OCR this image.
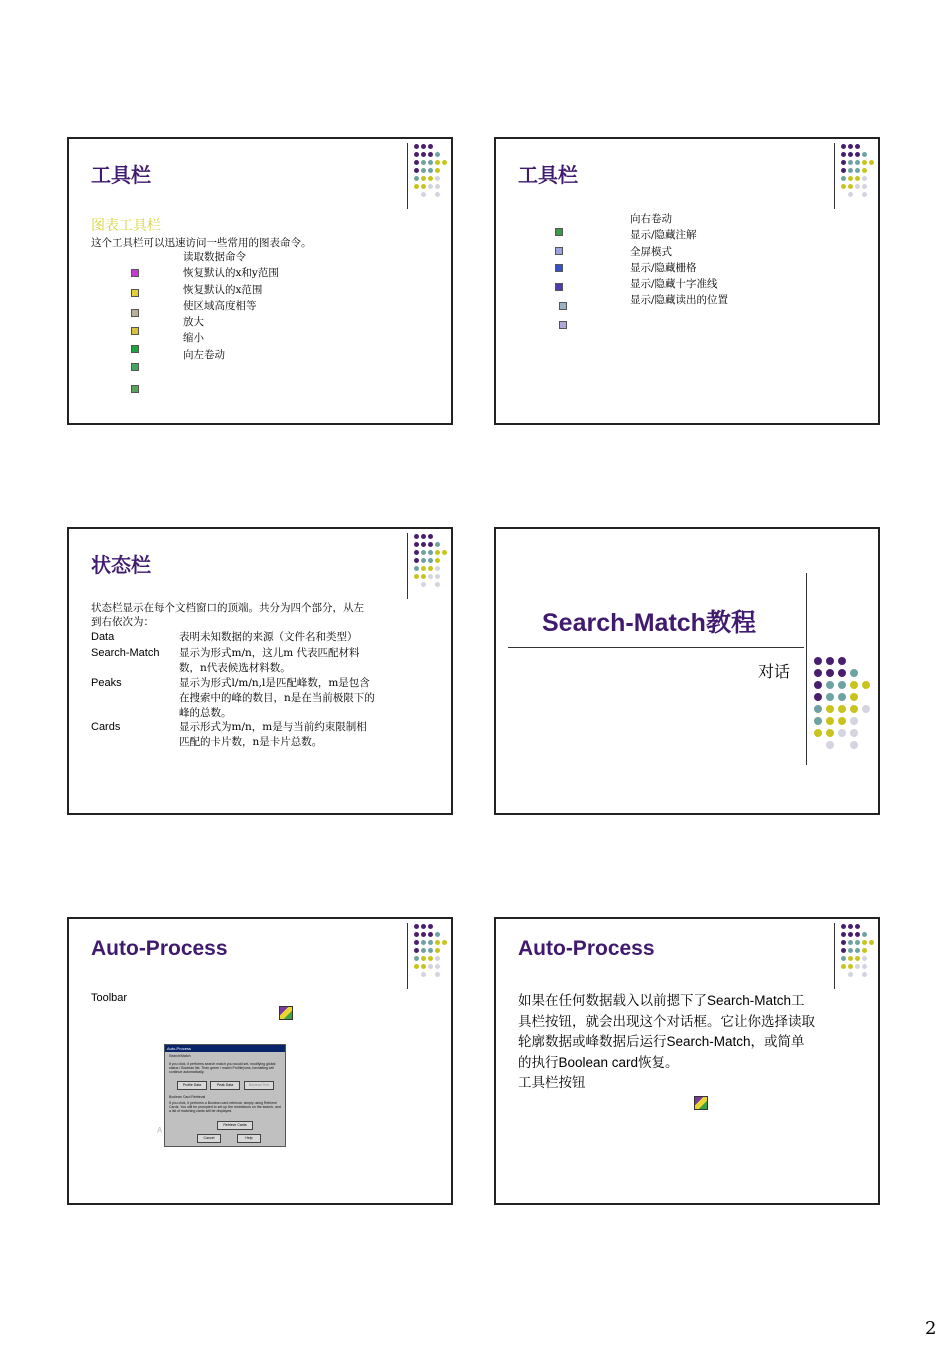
工具栏
图表工具栏
这个工具栏可以迅速访问一些常用的图表命令。
读取数据命令
恢复默认的x和y范围
恢复默认的x范围
使区域高度相等
放大
缩小
向左卷动
工具栏
向右卷动
显示/隐藏注解
全屏模式
显示/隐藏栅格
显示/隐藏十字准线
显示/隐藏读出的位置
状态栏
状态栏显示在每个文档窗口的顶端。共分为四个部分，从左到右依次为：
Data	表明未知数据的来源（文件名和类型）
Search-Match 显示为形式m/n，这儿m 代表匹配材料数，n代表候选材料数。
Peaks	显示为形式l/m/n,l是匹配峰数，m是包含在搜索中的峰的数目，n是在当前极限下的峰的总数。
Cards	显示形式为m/n，m是与当前约束限制相匹配的卡片数，n是卡片总数。
Search-Match教程
对话
Auto-Process
Toolbar
Auto-Process
Search/Match
If you click, it performs search match you would set, modifying global status / Boolean list. Then green / match Profile(runs, formatting will continue automatically.
Profile Data	Peak Data	Boolean Test
Boolean Card Retrieval
If you click, it performs a Boolean card retrieval, simply using Retrieve Cards. You still be prompted to set up the restrictions on the search, and a list of matching cards will be displayed.
Retrieve Cards
Cancel	Help
A
Auto-Process
如果在任何数据载入以前摁下了Search-Match工具栏按钮，就会出现这个对话框。它让你选择读取轮廓数据或峰数据后运行Search-Match，或简单的执行Boolean card恢复。
工具栏按钮
2
